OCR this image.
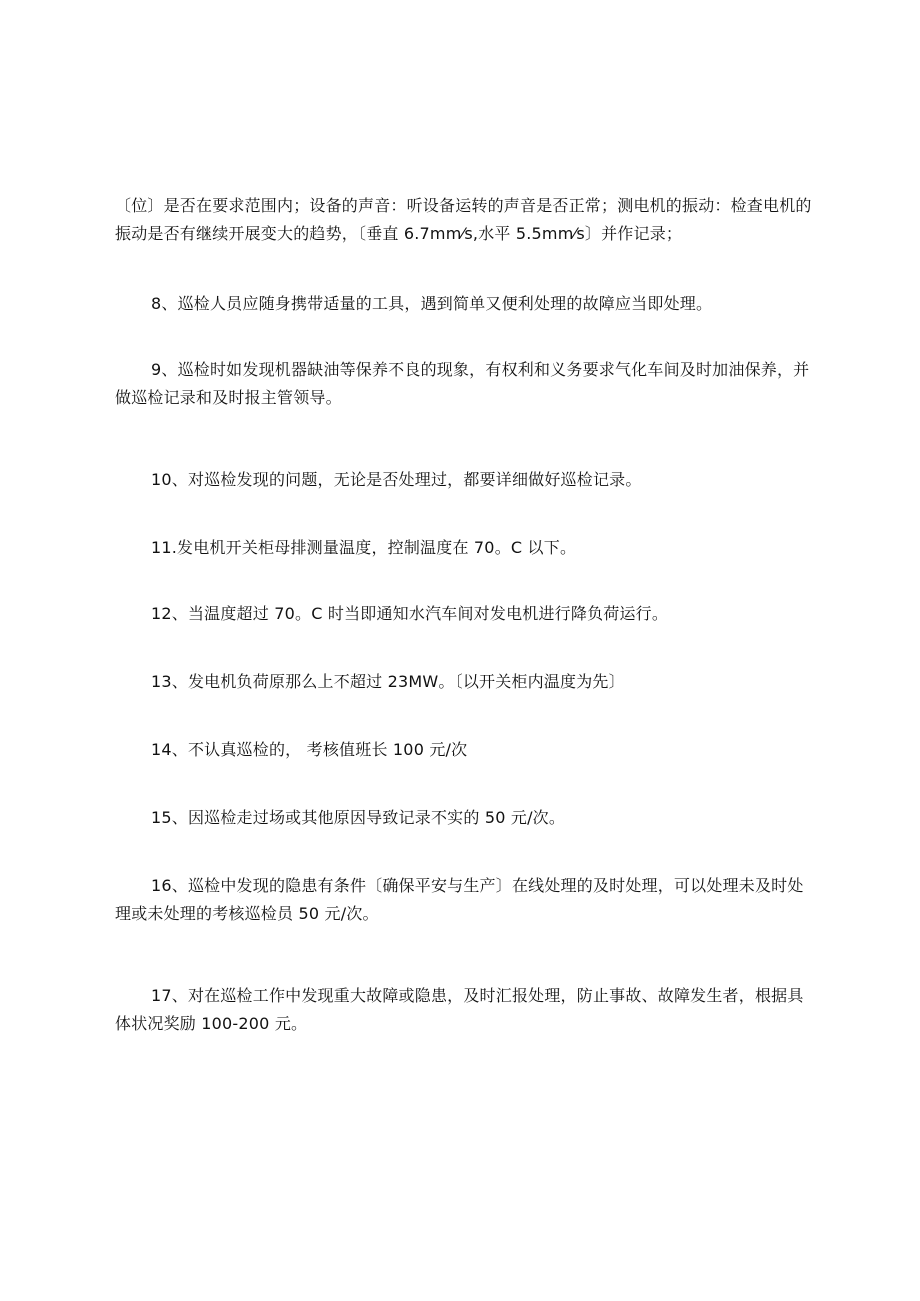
〔位〕是否在要求范围内；设备的声音：听设备运转的声音是否正常；测电机的振动：检查电机的振动是否有继续开展变大的趋势，〔垂直 6.7mm⁄s,水平 5.5mm⁄s〕并作记录；

8、巡检人员应随身携带适量的工具，遇到简单又便利处理的故障应当即处理。

9、巡检时如发现机器缺油等保养不良的现象，有权利和义务要求气化车间及时加油保养，并做巡检记录和及时报主管领导。

10、对巡检发现的问题，无论是否处理过，都要详细做好巡检记录。

11.发电机开关柜母排测量温度，控制温度在 70。C 以下。

12、当温度超过 70。C 时当即通知水汽车间对发电机进行降负荷运行。

13、发电机负荷原那么上不超过 23MW。〔以开关柜内温度为先〕

14、不认真巡检的， 考核值班长 100 元/次

15、因巡检走过场或其他原因导致记录不实的 50 元/次。

16、巡检中发现的隐患有条件〔确保平安与生产〕在线处理的及时处理，可以处理未及时处理或未处理的考核巡检员 50 元/次。

17、对在巡检工作中发现重大故障或隐患，及时汇报处理，防止事故、故障发生者，根据具体状况奖励 100-200 元。
